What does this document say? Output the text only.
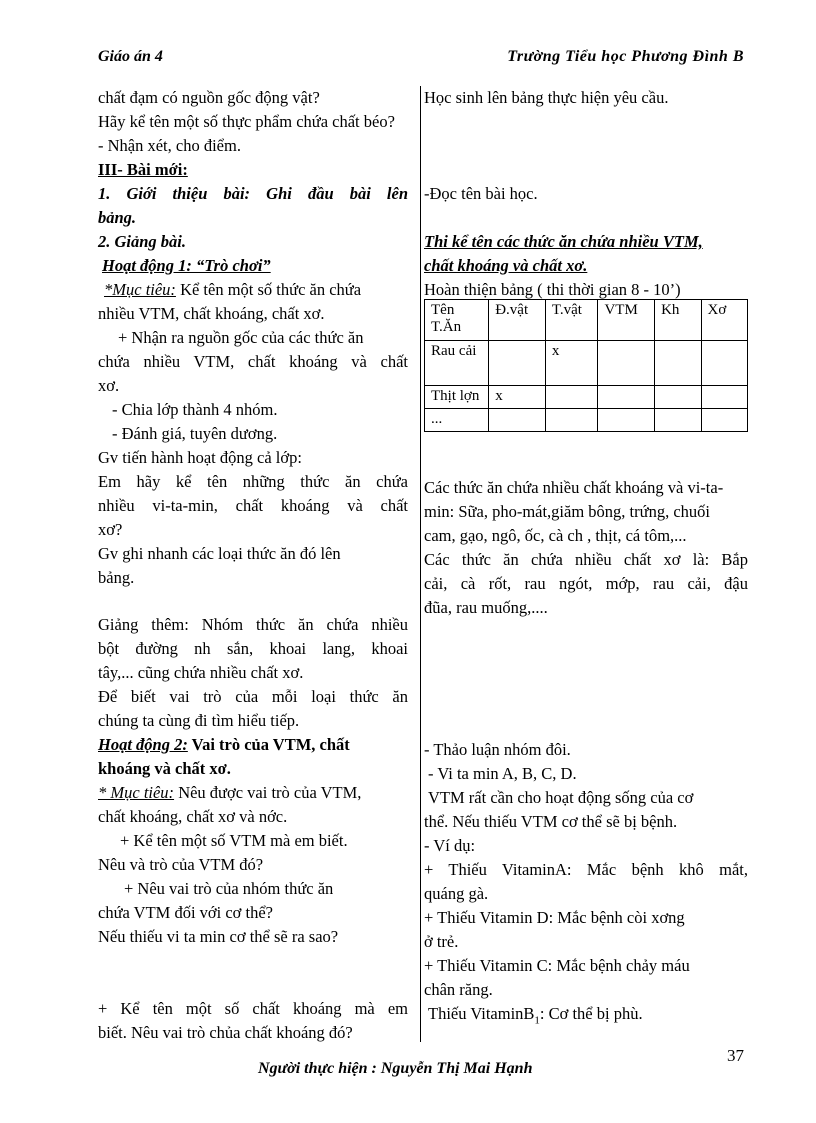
Giáo án 4	Trường Tiểu học Phương Đình B
chất đạm có nguồn gốc động vật?
Hãy kể tên một số thực phẩm chứa chất béo?
- Nhận xét, cho điểm.
III- Bài mới:
1. Giới thiệu bài: Ghi đầu bài lên
bảng.
2. Giảng bài.
Hoạt động 1: “Trò chơi”
*Mục tiêu: Kể tên một số thức ăn chứa
nhiều VTM, chất khoáng, chất xơ.
+ Nhận ra nguồn gốc của các thức ăn
chứa nhiều VTM, chất khoáng và chất
xơ.
- Chia lớp thành 4 nhóm.
- Đánh giá, tuyên dương.
Gv tiến hành hoạt động cả lớp:
Em hãy kể tên những thức ăn chứa
nhiều vi-ta-min, chất khoáng và chất
xơ?
Gv ghi nhanh các loại thức ăn đó lên
bảng.
Giảng thêm: Nhóm thức ăn chứa nhiều
bột đường nh sắn, khoai lang, khoai
tây,... cũng chứa nhiều chất xơ.
Để biết vai trò của mỗi loại thức ăn
chúng ta cùng đi tìm hiểu tiếp.
Hoạt động 2: Vai trò của VTM, chất
khoáng và chất xơ.
* Mục tiêu: Nêu được vai trò của VTM,
chất khoáng, chất xơ và nớc.
+ Kể tên một số VTM mà em biết.
Nêu và trò của VTM đó?
+ Nêu vai trò của nhóm thức ăn
chứa VTM đối với cơ thể?
Nếu thiếu vi ta min cơ thể sẽ ra sao?
+ Kể tên một số chất khoáng mà em
biết. Nêu vai trò chủa chất khoáng đó?
Học sinh lên bảng thực hiện yêu cầu.
-Đọc tên bài học.
Thi kể tên các thức ăn chứa nhiều VTM,
chất khoáng và chất xơ.
Hoàn thiện bảng ( thi thời gian 8 - 10’)
Tên T.Ăn	Đ.vật	T.vật	VTM	Kh	Xơ
Rau cải		x			
Thịt lợn	x				
...					
Các thức ăn chứa nhiều chất khoáng và vi-ta-
min: Sữa, pho-mát,giăm bông, trứng, chuối
cam, gạo, ngô, ốc, cà ch , thịt, cá tôm,...
Các thức ăn chứa nhiều chất xơ là: Bắp
cải, cà rốt, rau ngót, mớp, rau cải, đậu
đũa, rau muống,....
- Thảo luận nhóm đôi.
- Vi ta min A, B, C, D.
VTM rất cần cho hoạt động sống của cơ
thể. Nếu thiếu VTM cơ thể sẽ bị bệnh.
- Ví dụ:
+ Thiếu VitaminA: Mắc bệnh khô mắt,
quáng gà.
+ Thiếu Vitamin D: Mắc bệnh còi xơng
ở trẻ.
+ Thiếu Vitamin C: Mắc bệnh chảy máu
chân răng.
Thiếu VitaminB$_1$: Cơ thể bị phù.
37
Người thực hiện : Nguyễn Thị Mai Hạnh
